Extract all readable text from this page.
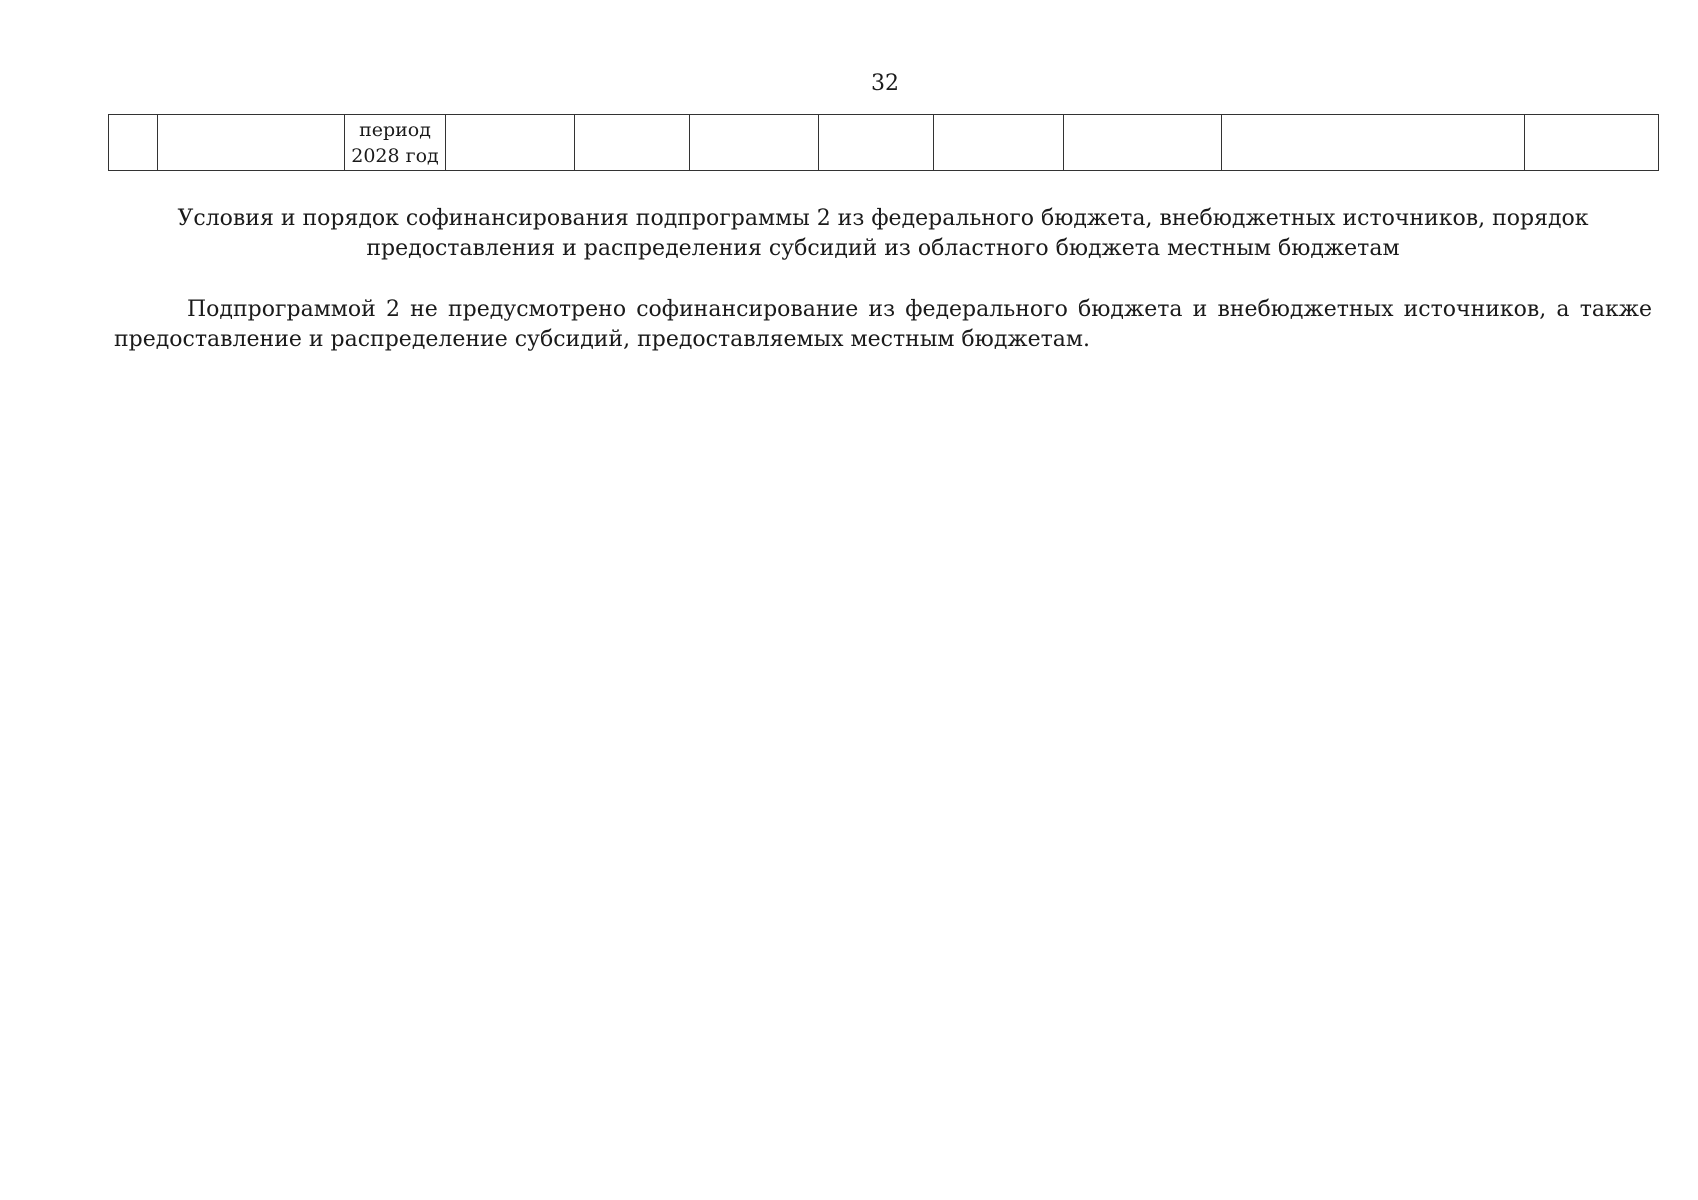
32

период
2028 год

Условия и порядок софинансирования подпрограммы 2 из федерального бюджета, внебюджетных источников, порядок
предоставления и распределения субсидий из областного бюджета местным бюджетам

Подпрограммой 2 не предусмотрено софинансирование из федерального бюджета и внебюджетных источников, а также предоставление и распределение субсидий, предоставляемых местным бюджетам.
